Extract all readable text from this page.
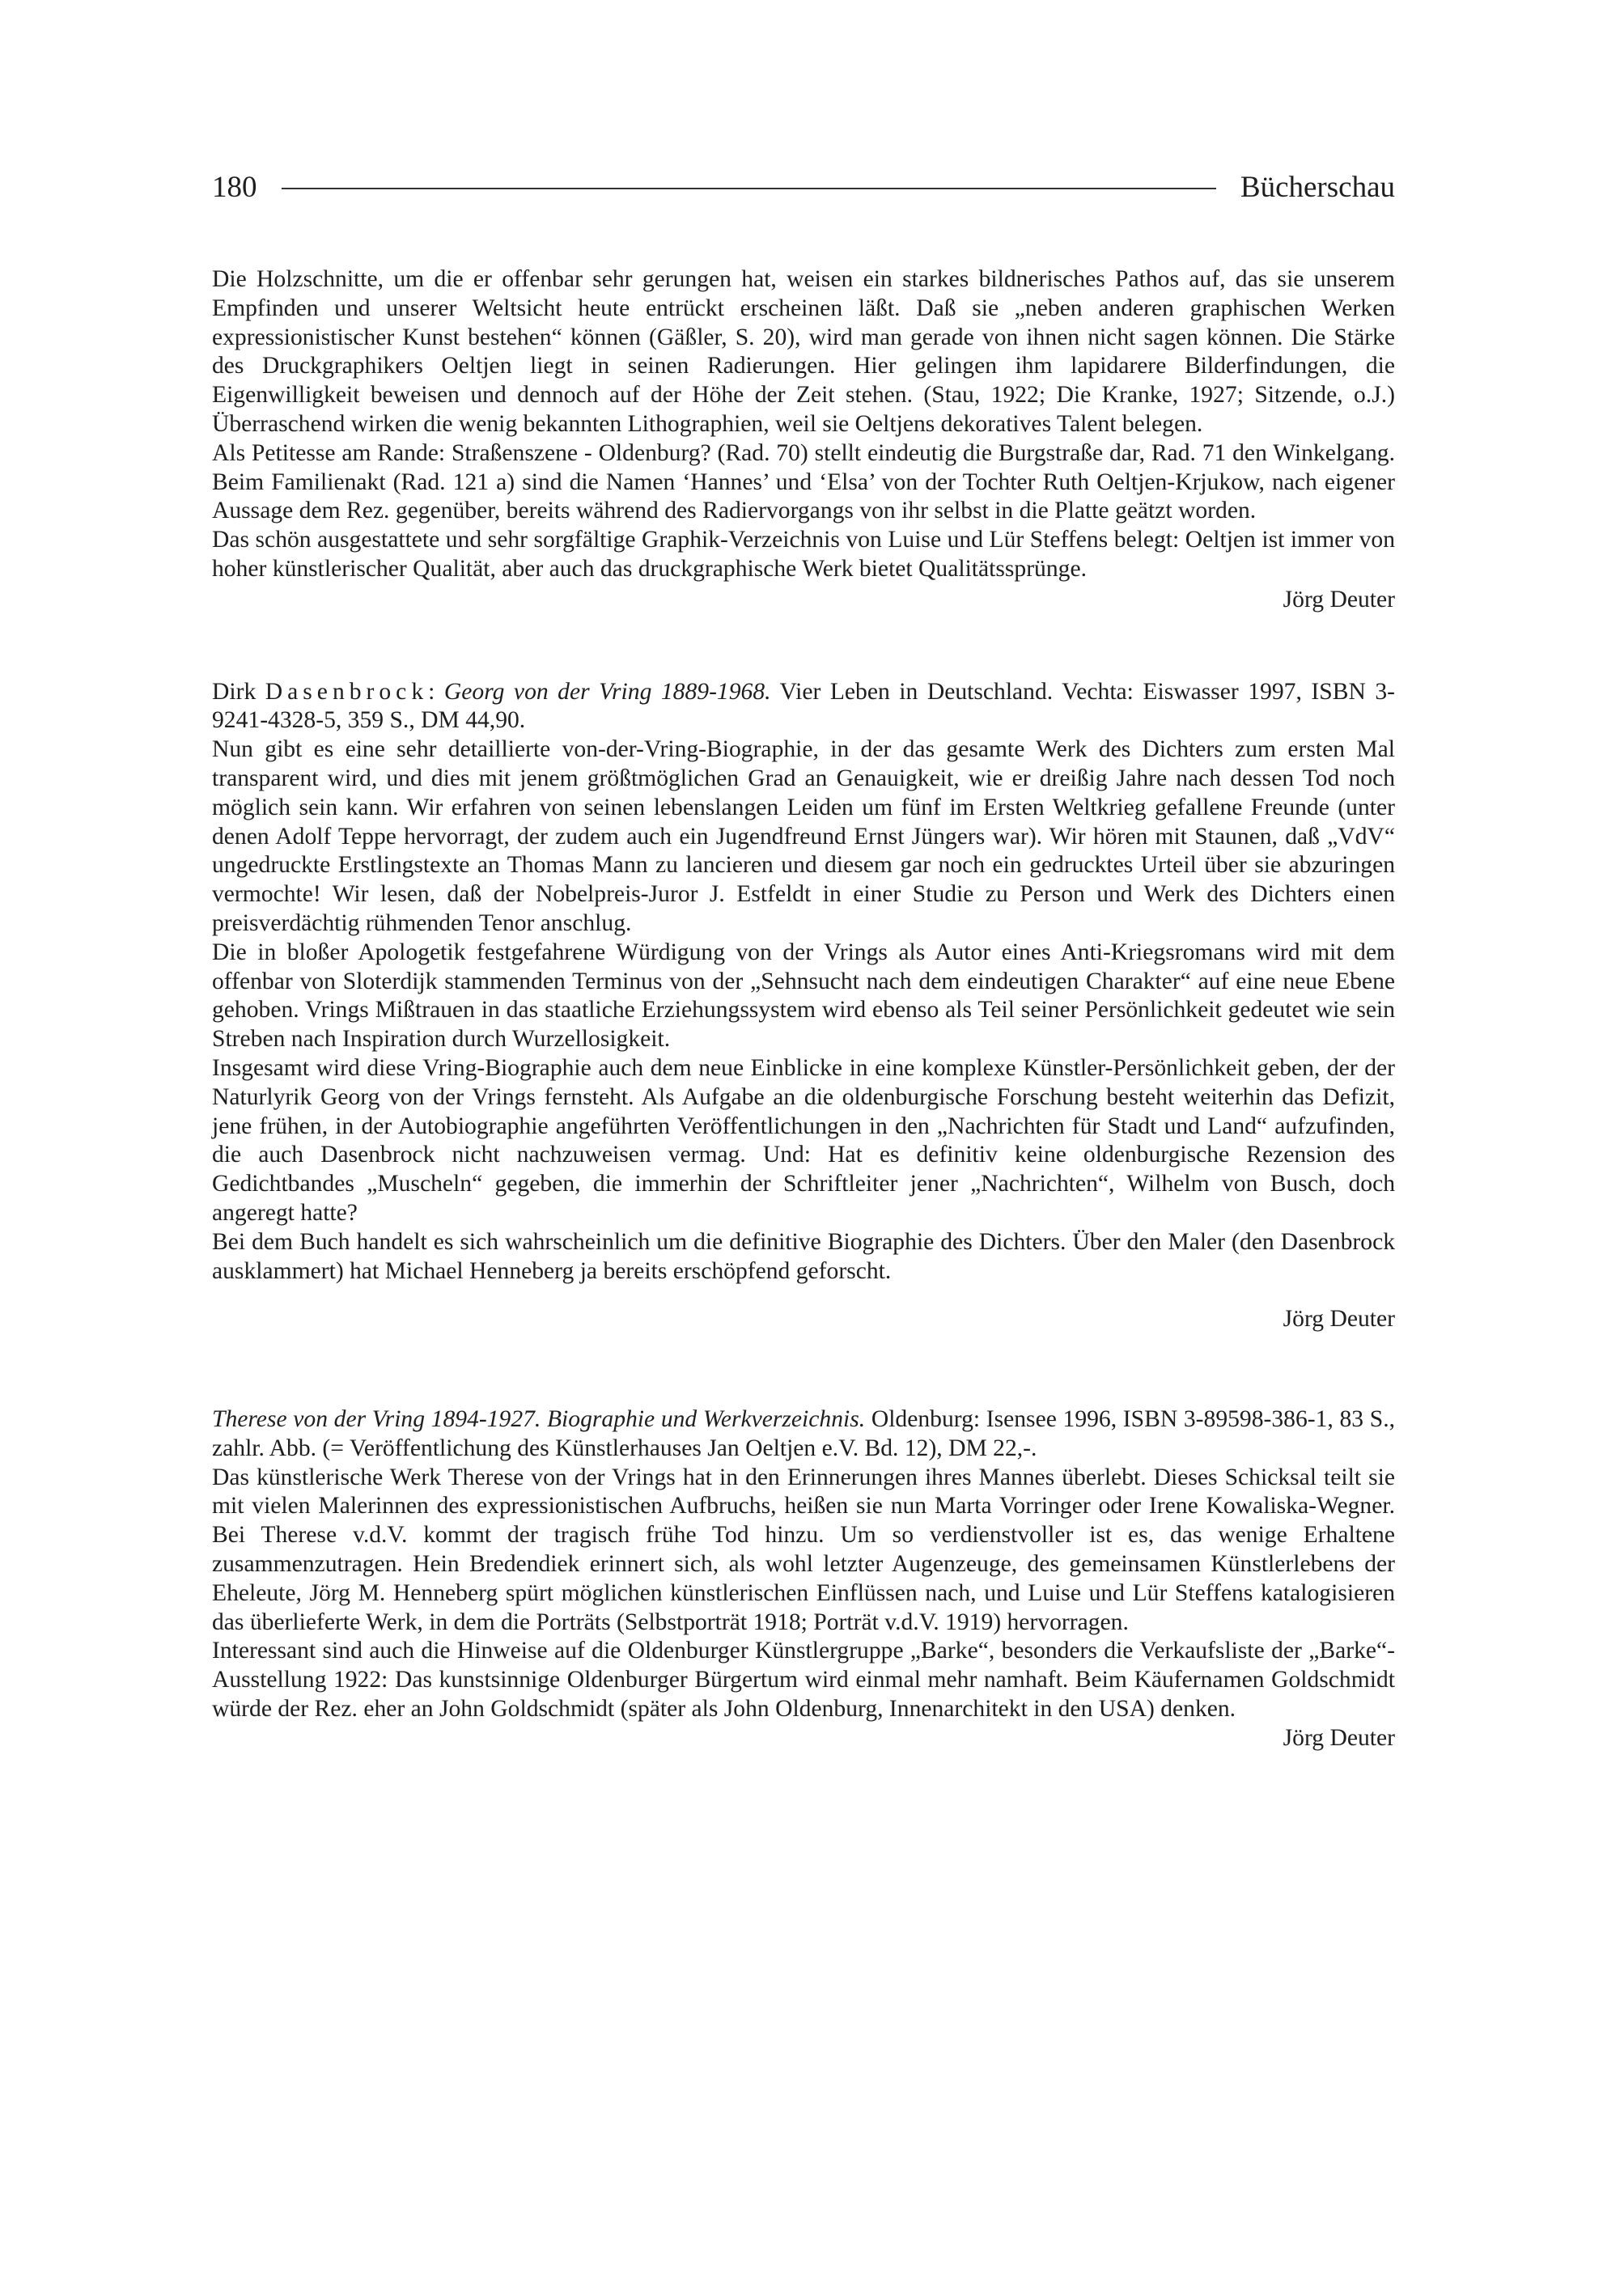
180	Bücherschau

Die Holzschnitte, um die er offenbar sehr gerungen hat, weisen ein starkes bildnerisches Pathos auf, das sie unserem Empfinden und unserer Weltsicht heute entrückt erscheinen läßt. Daß sie „neben anderen graphischen Werken expressionistischer Kunst bestehen“ können (Gäßler, S. 20), wird man gerade von ihnen nicht sagen können. Die Stärke des Druckgraphikers Oeltjen liegt in seinen Radierungen. Hier gelingen ihm lapidarere Bilderfindungen, die Eigenwilligkeit beweisen und dennoch auf der Höhe der Zeit stehen. (Stau, 1922; Die Kranke, 1927; Sitzende, o.J.) Überraschend wirken die wenig bekannten Lithographien, weil sie Oeltjens dekoratives Talent belegen.

Als Petitesse am Rande: Straßenszene - Oldenburg? (Rad. 70) stellt eindeutig die Burgstraße dar, Rad. 71 den Winkelgang. Beim Familienakt (Rad. 121 a) sind die Namen ‘Hannes’ und ‘Elsa’ von der Tochter Ruth Oeltjen-Krjukow, nach eigener Aussage dem Rez. gegenüber, bereits während des Radiervorgangs von ihr selbst in die Platte geätzt worden.

Das schön ausgestattete und sehr sorgfältige Graphik-Verzeichnis von Luise und Lür Steffens belegt: Oeltjen ist immer von hoher künstlerischer Qualität, aber auch das druckgraphische Werk bietet Qualitätssprünge.

Jörg Deuter

Dirk Dasenbrock: Georg von der Vring 1889-1968. Vier Leben in Deutschland. Vechta: Eiswasser 1997, ISBN 3-9241-4328-5, 359 S., DM 44,90.

Nun gibt es eine sehr detaillierte von-der-Vring-Biographie, in der das gesamte Werk des Dichters zum ersten Mal transparent wird, und dies mit jenem größtmöglichen Grad an Genauigkeit, wie er dreißig Jahre nach dessen Tod noch möglich sein kann. Wir erfahren von seinen lebenslangen Leiden um fünf im Ersten Weltkrieg gefallene Freunde (unter denen Adolf Teppe hervorragt, der zudem auch ein Jugendfreund Ernst Jüngers war). Wir hören mit Staunen, daß „VdV“ ungedruckte Erstlingstexte an Thomas Mann zu lancieren und diesem gar noch ein gedrucktes Urteil über sie abzuringen vermochte! Wir lesen, daß der Nobelpreis-Juror J. Estfeldt in einer Studie zu Person und Werk des Dichters einen preisverdächtig rühmenden Tenor anschlug.

Die in bloßer Apologetik festgefahrene Würdigung von der Vrings als Autor eines Anti-Kriegsromans wird mit dem offenbar von Sloterdijk stammenden Terminus von der „Sehnsucht nach dem eindeutigen Charakter“ auf eine neue Ebene gehoben. Vrings Mißtrauen in das staatliche Erziehungssystem wird ebenso als Teil seiner Persönlichkeit gedeutet wie sein Streben nach Inspiration durch Wurzellosigkeit.

Insgesamt wird diese Vring-Biographie auch dem neue Einblicke in eine komplexe Künstler-Persönlichkeit geben, der der Naturlyrik Georg von der Vrings fernsteht. Als Aufgabe an die oldenburgische Forschung besteht weiterhin das Defizit, jene frühen, in der Autobiographie angeführten Veröffentlichungen in den „Nachrichten für Stadt und Land“ aufzufinden, die auch Dasenbrock nicht nachzuweisen vermag. Und: Hat es definitiv keine oldenburgische Rezension des Gedichtbandes „Muscheln“ gegeben, die immerhin der Schriftleiter jener „Nachrichten“, Wilhelm von Busch, doch angeregt hatte?

Bei dem Buch handelt es sich wahrscheinlich um die definitive Biographie des Dichters. Über den Maler (den Dasenbrock ausklammert) hat Michael Henneberg ja bereits erschöpfend geforscht.

Jörg Deuter

Therese von der Vring 1894-1927. Biographie und Werkverzeichnis. Oldenburg: Isensee 1996, ISBN 3-89598-386-1, 83 S., zahlr. Abb. (= Veröffentlichung des Künstlerhauses Jan Oeltjen e.V. Bd. 12), DM 22,-.

Das künstlerische Werk Therese von der Vrings hat in den Erinnerungen ihres Mannes überlebt. Dieses Schicksal teilt sie mit vielen Malerinnen des expressionistischen Aufbruchs, heißen sie nun Marta Vorringer oder Irene Kowaliska-Wegner. Bei Therese v.d.V. kommt der tragisch frühe Tod hinzu. Um so verdienstvoller ist es, das wenige Erhaltene zusammenzutragen. Hein Bredendiek erinnert sich, als wohl letzter Augenzeuge, des gemeinsamen Künstlerlebens der Eheleute, Jörg M. Henneberg spürt möglichen künstlerischen Einflüssen nach, und Luise und Lür Steffens katalogisieren das überlieferte Werk, in dem die Porträts (Selbstporträt 1918; Porträt v.d.V. 1919) hervorragen.

Interessant sind auch die Hinweise auf die Oldenburger Künstlergruppe „Barke“, besonders die Verkaufsliste der „Barke“-Ausstellung 1922: Das kunstsinnige Oldenburger Bürgertum wird einmal mehr namhaft. Beim Käufernamen Goldschmidt würde der Rez. eher an John Goldschmidt (später als John Oldenburg, Innenarchitekt in den USA) denken.

Jörg Deuter
